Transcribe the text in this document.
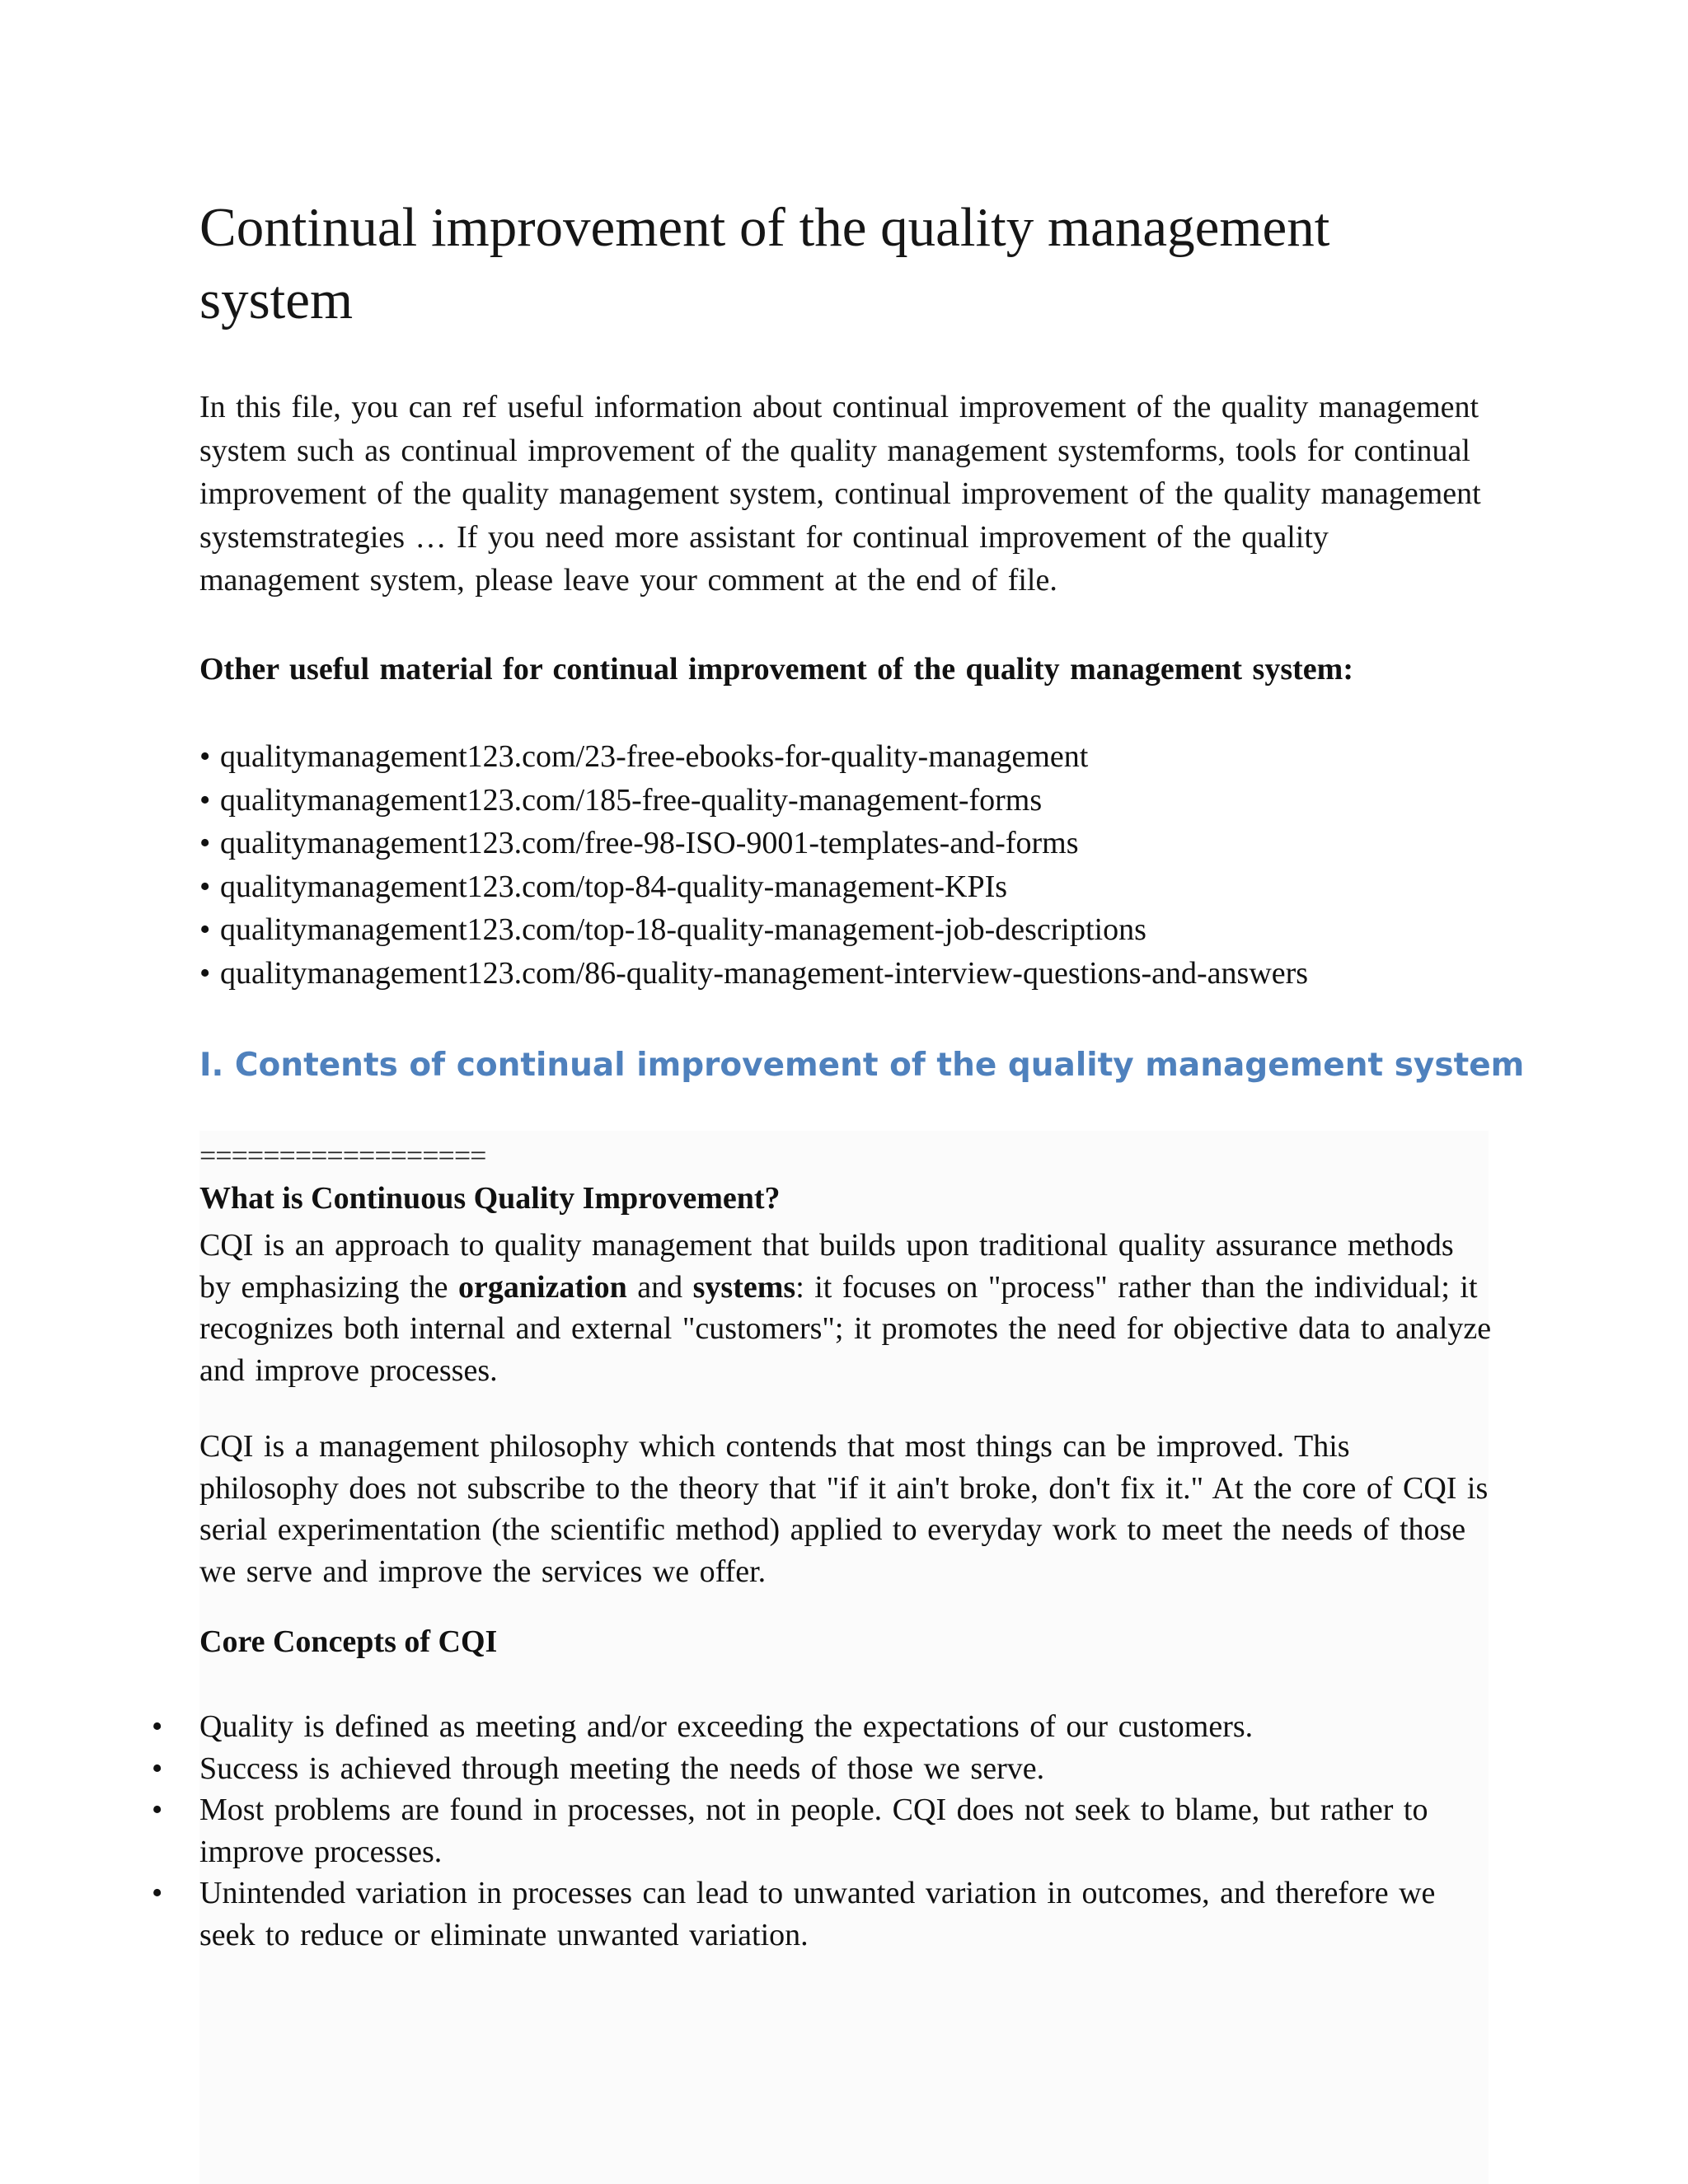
Continual improvement of the quality management system

In this file, you can ref useful information about continual improvement of the quality management system such as continual improvement of the quality management systemforms, tools for continual improvement of the quality management system, continual improvement of the quality management systemstrategies … If you need more assistant for continual improvement of the quality management system, please leave your comment at the end of file.

Other useful material for continual improvement of the quality management system:

• qualitymanagement123.com/23-free-ebooks-for-quality-management
• qualitymanagement123.com/185-free-quality-management-forms
• qualitymanagement123.com/free-98-ISO-9001-templates-and-forms
• qualitymanagement123.com/top-84-quality-management-KPIs
• qualitymanagement123.com/top-18-quality-management-job-descriptions
• qualitymanagement123.com/86-quality-management-interview-questions-and-answers
I. Contents of continual improvement of the quality management system

==================

What is Continuous Quality Improvement?

CQI is an approach to quality management that builds upon traditional quality assurance methods by emphasizing the organization and systems: it focuses on "process" rather than the individual; it recognizes both internal and external "customers"; it promotes the need for objective data to analyze and improve processes.

CQI is a management philosophy which contends that most things can be improved. This philosophy does not subscribe to the theory that "if it ain't broke, don't fix it." At the core of CQI is serial experimentation (the scientific method) applied to everyday work to meet the needs of those we serve and improve the services we offer.

Core Concepts of CQI

• Quality is defined as meeting and/or exceeding the expectations of our customers.
• Success is achieved through meeting the needs of those we serve.
• Most problems are found in processes, not in people. CQI does not seek to blame, but rather to improve processes.
• Unintended variation in processes can lead to unwanted variation in outcomes, and therefore we seek to reduce or eliminate unwanted variation.
